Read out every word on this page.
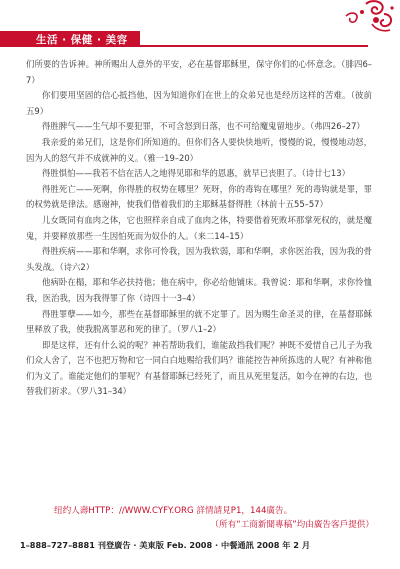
生活 · 保健 · 美容

们所要的告诉神。神所赐出人意外的平安，必在基督耶稣里，保守你们的心怀意念。（腓四6–7）

你们要用坚固的信心抵挡他，因为知道你们在世上的众弟兄也是经历这样的苦难。（彼前五9）

得胜脾气——生气却不要犯罪，不可含怒到日落，也不可给魔鬼留地步。（弗四26–27）

我亲爱的弟兄们，这是你们所知道的。但你们各人要快快地听，慢慢的说，慢慢地动怒，因为人的怒气并不成就神的义。（雅一19–20）

得胜惧怕——我若不信在活人之地得见耶和华的恩惠，就早已丧胆了。（诗廿七13）

得胜死亡——死啊，你得胜的权势在哪里？死呀，你的毒钩在哪里？死的毒钩就是罪，罪的权势就是律法。感谢神，使我们借着我们的主耶稣基督得胜（林前十五55–57）

儿女既同有血肉之体，它也照样亲自成了血肉之体，特要借着死败坏那掌死权的，就是魔鬼，并要释放那些一生因怕死而为奴仆的人。（来二14–15）

得胜疾病——耶和华啊，求你可怜我，因为我软弱，耶和华啊，求你医治我，因为我的骨头发战。（诗六2）

他病卧在榻，耶和华必扶持他；他在病中，你必给他铺床。我曾说：耶和华啊，求你怜恤我，医治我，因为我得罪了你（诗四十一3–4）

得胜罪孽——如今，那些在基督耶稣里的就不定罪了。因为赐生命圣灵的律，在基督耶稣里释放了我，使我脱离罪恶和死的律了。（罗八1–2）

即是这样，还有什么说的呢？神若帮助我们，谁能敌挡我们呢？神既不爱惜自己儿子为我们众人舍了，岂不也把万物和它一同白白地赐给我们吗？谁能控告神所拣选的人呢？有神称他们为义了。谁能定他们的罪呢？有基督耶稣已经死了，而且从死里复活，如今在神的右边，也替我们祈求。（罗八31–34）

纽约人壽HTTP：//WWW.CYFY.ORG 詳情請見P1，144廣告。
（所有“工商新聞專稿”均由廣告客戶提供）
1–888–727–8881 刊登廣告 · 美東版 Feb. 2008 · 中餐通訊 2008 年 2 月
